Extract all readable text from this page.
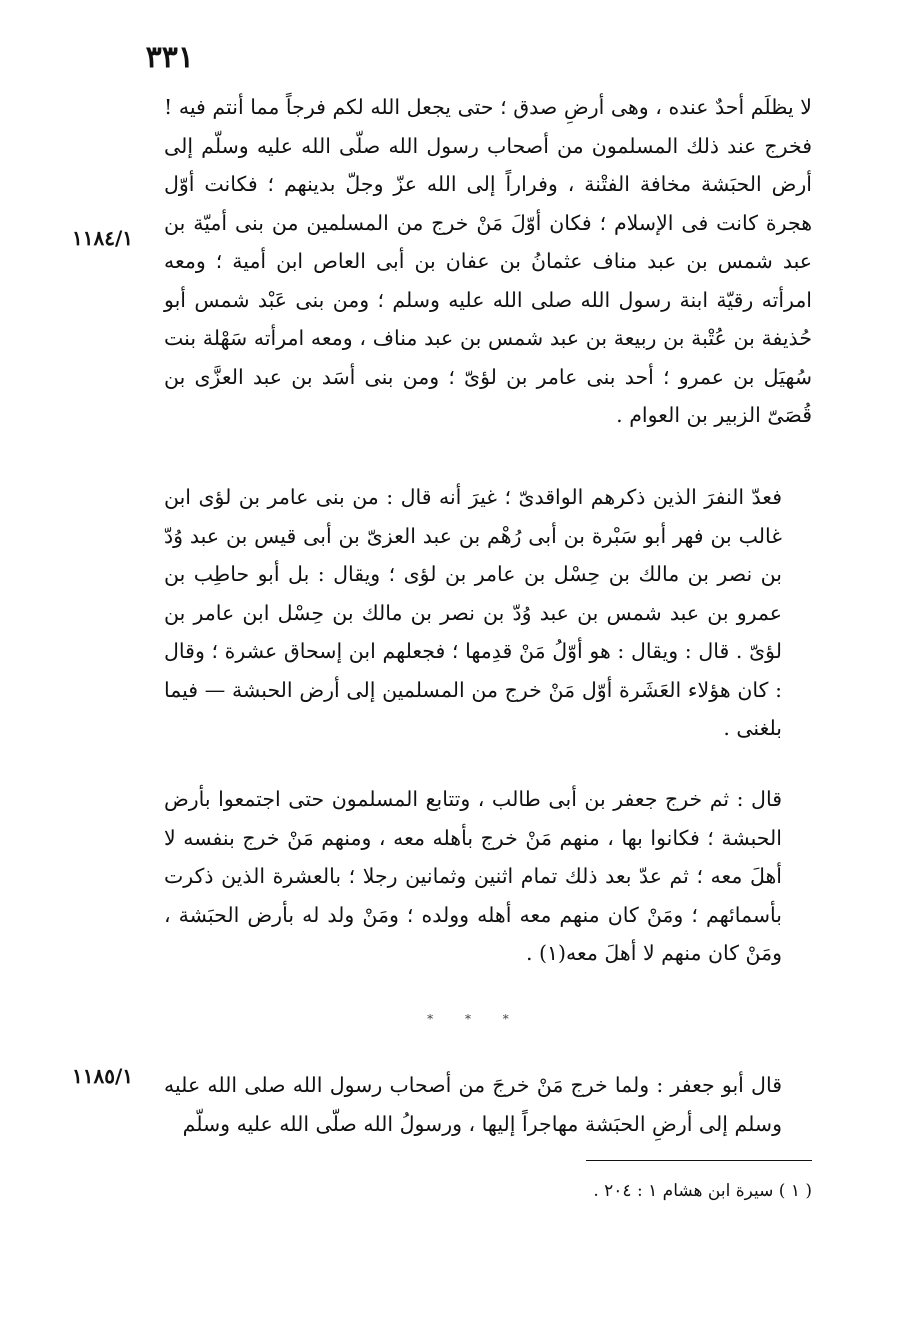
٣٣١

لا يظلَم أحدٌ عنده ، وهى أرضِ صدق ؛ حتى يجعل الله لكم فرجاً مما أنتم فيه ! فخرج عند ذلك المسلمون من أصحاب رسول الله صلّى الله عليه وسلّم إلى أرض الحبَشة مخافة الفتْنة ، وفراراً إلى الله عزّ وجلّ بدينهم ؛ فكانت أوّل هجرة كانت فى الإسلام ؛ فكان أوّلَ مَنْ خرج من المسلمين من بنى أميّة بن عبد شمس بن عبد مناف عثمانُ بن عفان بن أبى العاص ابن أمية ؛ ومعه امرأته رقيّة ابنة رسول الله صلى الله عليه وسلم ؛ ومن بنى عَبْد شمس أبو حُذيفة بن عُتْبة بن ربيعة بن عبد شمس بن عبد مناف ، ومعه امرأته سَهْلة بنت سُهيَل بن عمرو ؛ أحد بنى عامر بن لؤىّ ؛ ومن بنى أسَد بن عبد العزَّى بن قُصَىّ الزبير بن العوام .

١١٨٤/١

فعدّ النفرَ الذين ذكرهم الواقدىّ ؛ غيرَ أنه قال : من بنى عامر بن لؤى ابن غالب بن فهر أبو سَبْرة بن أبى رُهْم بن عبد العزىّ بن أبى قيس بن عبد وُدّ بن نصر بن مالك بن حِسْل بن عامر بن لؤى ؛ ويقال : بل أبو حاطِب بن عمرو بن عبد شمس بن عبد وُدّ بن نصر بن مالك بن حِسْل ابن عامر بن لؤىّ . قال : ويقال : هو أوّلُ مَنْ قدِمها ؛ فجعلهم ابن إسحاق عشرة ؛ وقال : كان هؤلاء العَشَرة أوّل مَنْ خرج من المسلمين إلى أرض الحبشة — فيما بلغنى .

قال : ثم خرج جعفر بن أبى طالب ، وتتابع المسلمون حتى اجتمعوا بأرض الحبشة ؛ فكانوا بها ، منهم مَنْ خرج بأهله معه ، ومنهم مَنْ خرج بنفسه لا أهلَ معه ؛ ثم عدّ بعد ذلك تمام اثنين وثمانين رجلا ؛ بالعشرة الذين ذكرت بأسمائهم ؛ ومَنْ كان منهم معه أهله وولده ؛ ومَنْ ولد له بأرض الحبَشة ، ومَنْ كان منهم لا أهلَ معه(١) .

* * *

قال أبو جعفر : ولما خرج مَنْ خرجَ من أصحاب رسول الله صلى الله عليه وسلم إلى أرضِ الحبَشة مهاجراً إليها ، ورسولُ الله صلّى الله عليه وسلّم

١١٨٥/١
( ١ ) سيرة ابن هشام ١ : ٢٠٤ .
